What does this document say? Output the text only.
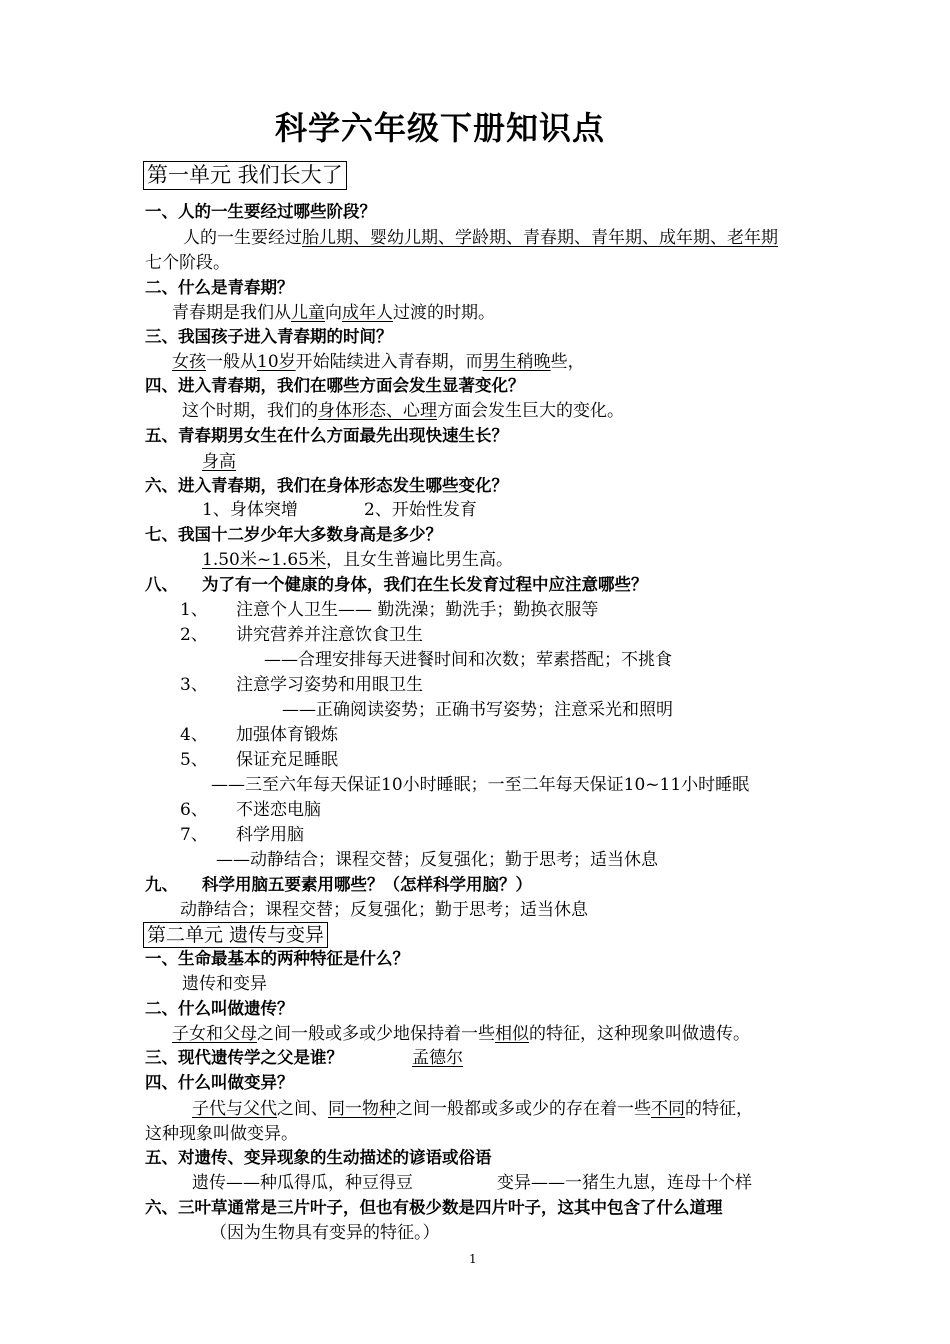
科学六年级下册知识点
第一单元 我们长大了
一、人的一生要经过哪些阶段？
人的一生要经过胎儿期、婴幼儿期、学龄期、青春期、青年期、成年期、老年期
七个阶段。
二、什么是青春期？
青春期是我们从儿童向成年人过渡的时期。
三、我国孩子进入青春期的时间？
女孩一般从10岁开始陆续进入青春期，而男生稍晚些，
四、进入青春期，我们在哪些方面会发生显著变化？
这个时期，我们的身体形态、心理方面会发生巨大的变化。
五、青春期男女生在什么方面最先出现快速生长？
身高
六、进入青春期，我们在身体形态发生哪些变化？
1、身体突增	2、开始性发育
七、我国十二岁少年大多数身高是多少？
1.50米~1.65米，且女生普遍比男生高。
八、 为了有一个健康的身体，我们在生长发育过程中应注意哪些？
1、 注意个人卫生—— 勤洗澡；勤洗手；勤换衣服等
2、 讲究营养并注意饮食卫生
——合理安排每天进餐时间和次数；荤素搭配；不挑食
3、 注意学习姿势和用眼卫生
——正确阅读姿势；正确书写姿势；注意采光和照明
4、 加强体育锻炼
5、 保证充足睡眠
——三至六年每天保证10小时睡眠；一至二年每天保证10~11小时睡眠
6、 不迷恋电脑
7、 科学用脑
——动静结合；课程交替；反复强化；勤于思考；适当休息
九、 科学用脑五要素用哪些？（怎样科学用脑？）
动静结合；课程交替；反复强化；勤于思考；适当休息
第二单元 遗传与变异
一、生命最基本的两种特征是什么？
遗传和变异
二、什么叫做遗传？
子女和父母之间一般或多或少地保持着一些相似的特征，这种现象叫做遗传。
三、现代遗传学之父是谁？	孟德尔
四、什么叫做变异？
子代与父代之间、同一物种之间一般都或多或少的存在着一些不同的特征，
这种现象叫做变异。
五、对遗传、变异现象的生动描述的谚语或俗语
遗传——种瓜得瓜，种豆得豆	变异——一猪生九崽，连母十个样
六、三叶草通常是三片叶子，但也有极少数是四片叶子，这其中包含了什么道理
（因为生物具有变异的特征。）
1
